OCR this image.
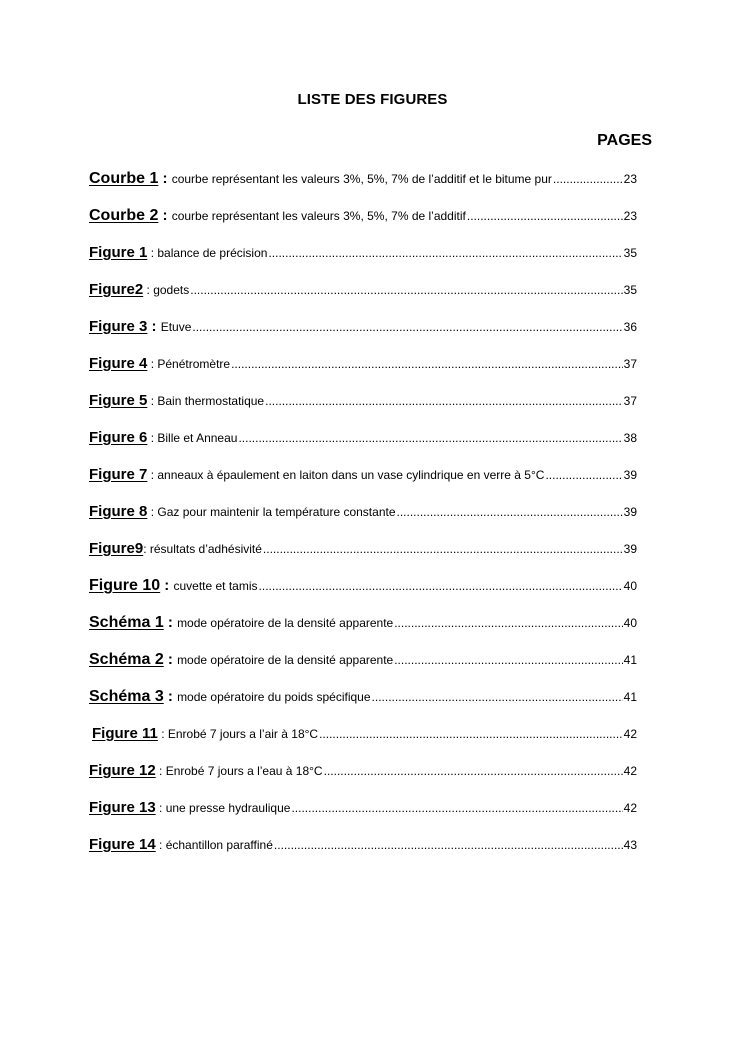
LISTE DES FIGURES
PAGES
Courbe 1 : courbe représentant les valeurs 3%, 5%, 7% de l’additif et le bitume pur .....	23
Courbe 2 : courbe représentant les valeurs 3%, 5%, 7% de l’additif .....	23
Figure 1 : balance de précision .....	35
Figure2 : godets .....	35
Figure 3 : Etuve .....	36
Figure 4 : Pénétromètre .....	37
Figure 5 : Bain thermostatique .....	37
Figure 6 : Bille et Anneau .....	38
Figure 7 : anneaux à épaulement en laiton dans un vase cylindrique en verre à 5°C .....	39
Figure 8 : Gaz pour maintenir la température constante .....	39
Figure9 : résultats d’adhésivité .....	39
Figure 10 : cuvette et tamis .....	40
Schéma 1 : mode opératoire de la densité apparente .....	40
Schéma 2 : mode opératoire de la densité apparente .....	41
Schéma 3 : mode opératoire du poids spécifique .....	41
Figure 11 : Enrobé 7 jours a l’air à 18°C .....	42
Figure 12 : Enrobé 7 jours a l’eau à 18°C .....	42
Figure 13 : une presse hydraulique .....	42
Figure 14 : échantillon paraffiné .....	43
